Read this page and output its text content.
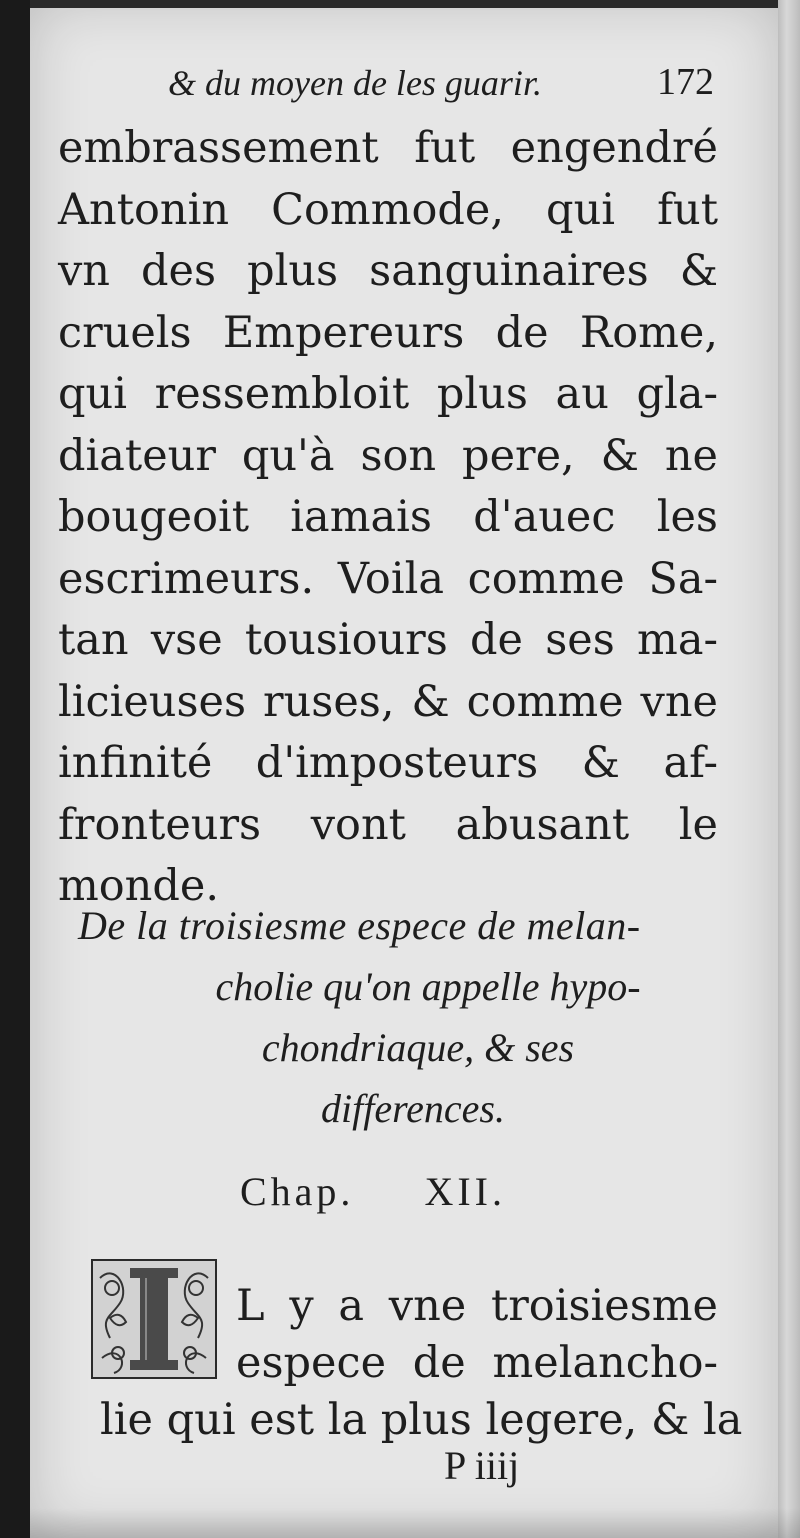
& du moyen de les guarir.	172
embrassement fut engendré
Antonin Commode, qui fut
vn des plus sanguinaires &
cruels Empereurs de Rome,
qui ressembloit plus au gla-
diateur qu'à son pere, & ne
bougeoit iamais d'auec les
escrimeurs. Voila comme Sa-
tan vse tousiours de ses ma-
licieuses ruses, & comme vne
infinité d'imposteurs & af-
fronteurs vont abusant le
monde.
De la troisiesme espece de melan-
cholie qu'on appelle hypo-
chondriaque, & ses
differences.
Chap. XII.
L y a vne troisiesme
espece de melancho-
lie qui est la plus legere, & la
P iiij
